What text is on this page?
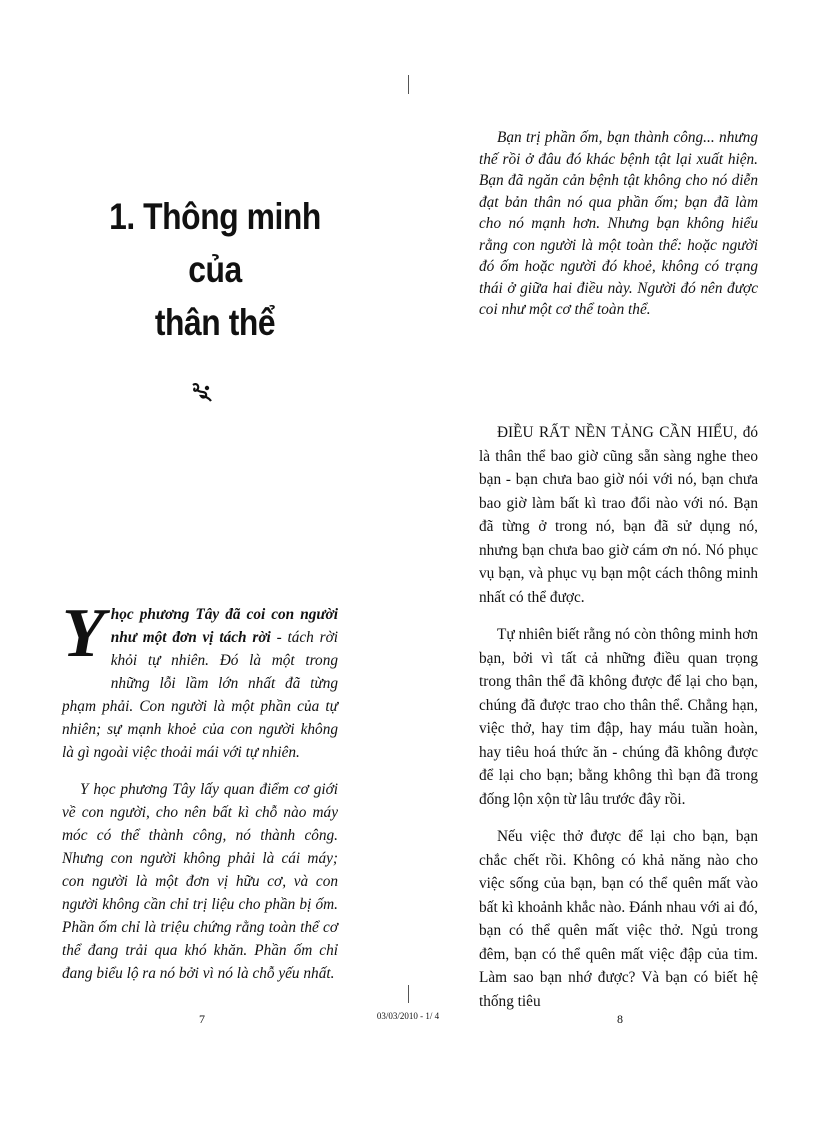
1. Thông minh của
thân thể

Yhọc phương Tây đã coi con người như một đơn vị tách rời - tách rời khỏi tự nhiên. Đó là một trong những lỗi lầm lớn nhất đã từng phạm phải. Con người là một phần của tự nhiên; sự mạnh khoẻ của con người không là gì ngoài việc thoải mái với tự nhiên.

Y học phương Tây lấy quan điểm cơ giới về con người, cho nên bất kì chỗ nào máy móc có thể thành công, nó thành công. Nhưng con người không phải là cái máy; con người là một đơn vị hữu cơ, và con người không cần chỉ trị liệu cho phần bị ốm. Phần ốm chỉ là triệu chứng rằng toàn thể cơ thể đang trải qua khó khăn. Phần ốm chỉ đang biểu lộ ra nó bởi vì nó là chỗ yếu nhất.

Bạn trị phần ốm, bạn thành công... nhưng thế rồi ở đâu đó khác bệnh tật lại xuất hiện. Bạn đã ngăn cản bệnh tật không cho nó diễn đạt bản thân nó qua phần ốm; bạn đã làm cho nó mạnh hơn. Nhưng bạn không hiểu rằng con người là một toàn thể: hoặc người đó ốm hoặc người đó khoẻ, không có trạng thái ở giữa hai điều này. Người đó nên được coi như một cơ thể toàn thể.

ĐIỀU RẤT NỀN TẢNG CẦN HIỂU, đó là thân thể bao giờ cũng sẵn sàng nghe theo bạn - bạn chưa bao giờ nói với nó, bạn chưa bao giờ làm bất kì trao đổi nào với nó. Bạn đã từng ở trong nó, bạn đã sử dụng nó, nhưng bạn chưa bao giờ cám ơn nó. Nó phục vụ bạn, và phục vụ bạn một cách thông minh nhất có thể được.

Tự nhiên biết rằng nó còn thông minh hơn bạn, bởi vì tất cả những điều quan trọng trong thân thể đã không được để lại cho bạn, chúng đã được trao cho thân thể. Chẳng hạn, việc thở, hay tim đập, hay máu tuần hoàn, hay tiêu hoá thức ăn - chúng đã không được để lại cho bạn; bằng không thì bạn đã trong đống lộn xộn từ lâu trước đây rồi.

Nếu việc thở được để lại cho bạn, bạn chắc chết rồi. Không có khả năng nào cho việc sống của bạn, bạn có thể quên mất vào bất kì khoảnh khắc nào. Đánh nhau với ai đó, bạn có thể quên mất việc thở. Ngủ trong đêm, bạn có thể quên mất việc đập của tim. Làm sao bạn nhớ được? Và bạn có biết hệ thống tiêu

7	03/03/2010 - 1/ 4	8
